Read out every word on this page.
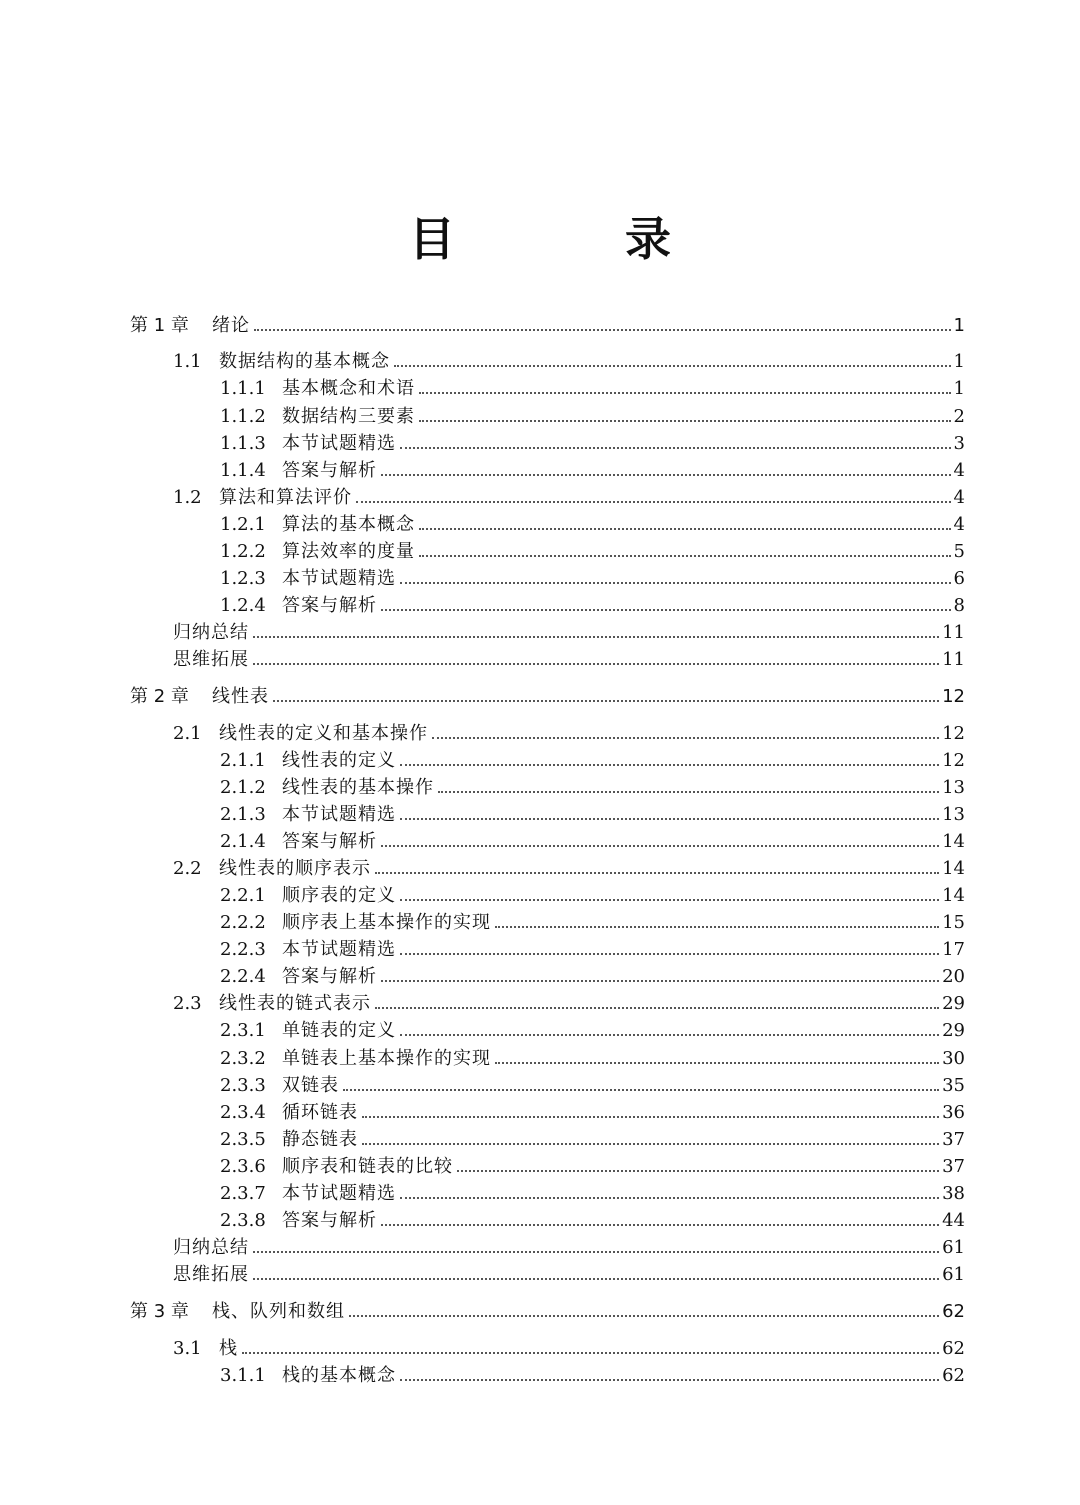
目　录
第 1 章	绪论	1
1.1 数据结构的基本概念	1
1.1.1 基本概念和术语	1
1.1.2 数据结构三要素	2
1.1.3 本节试题精选	3
1.1.4 答案与解析	4
1.2 算法和算法评价	4
1.2.1 算法的基本概念	4
1.2.2 算法效率的度量	5
1.2.3 本节试题精选	6
1.2.4 答案与解析	8
归纳总结	11
思维拓展	11
第 2 章	线性表	12
2.1 线性表的定义和基本操作	12
2.1.1 线性表的定义	12
2.1.2 线性表的基本操作	13
2.1.3 本节试题精选	13
2.1.4 答案与解析	14
2.2 线性表的顺序表示	14
2.2.1 顺序表的定义	14
2.2.2 顺序表上基本操作的实现	15
2.2.3 本节试题精选	17
2.2.4 答案与解析	20
2.3 线性表的链式表示	29
2.3.1 单链表的定义	29
2.3.2 单链表上基本操作的实现	30
2.3.3 双链表	35
2.3.4 循环链表	36
2.3.5 静态链表	37
2.3.6 顺序表和链表的比较	37
2.3.7 本节试题精选	38
2.3.8 答案与解析	44
归纳总结	61
思维拓展	61
第 3 章	栈、队列和数组	62
3.1 栈	62
3.1.1 栈的基本概念	62
